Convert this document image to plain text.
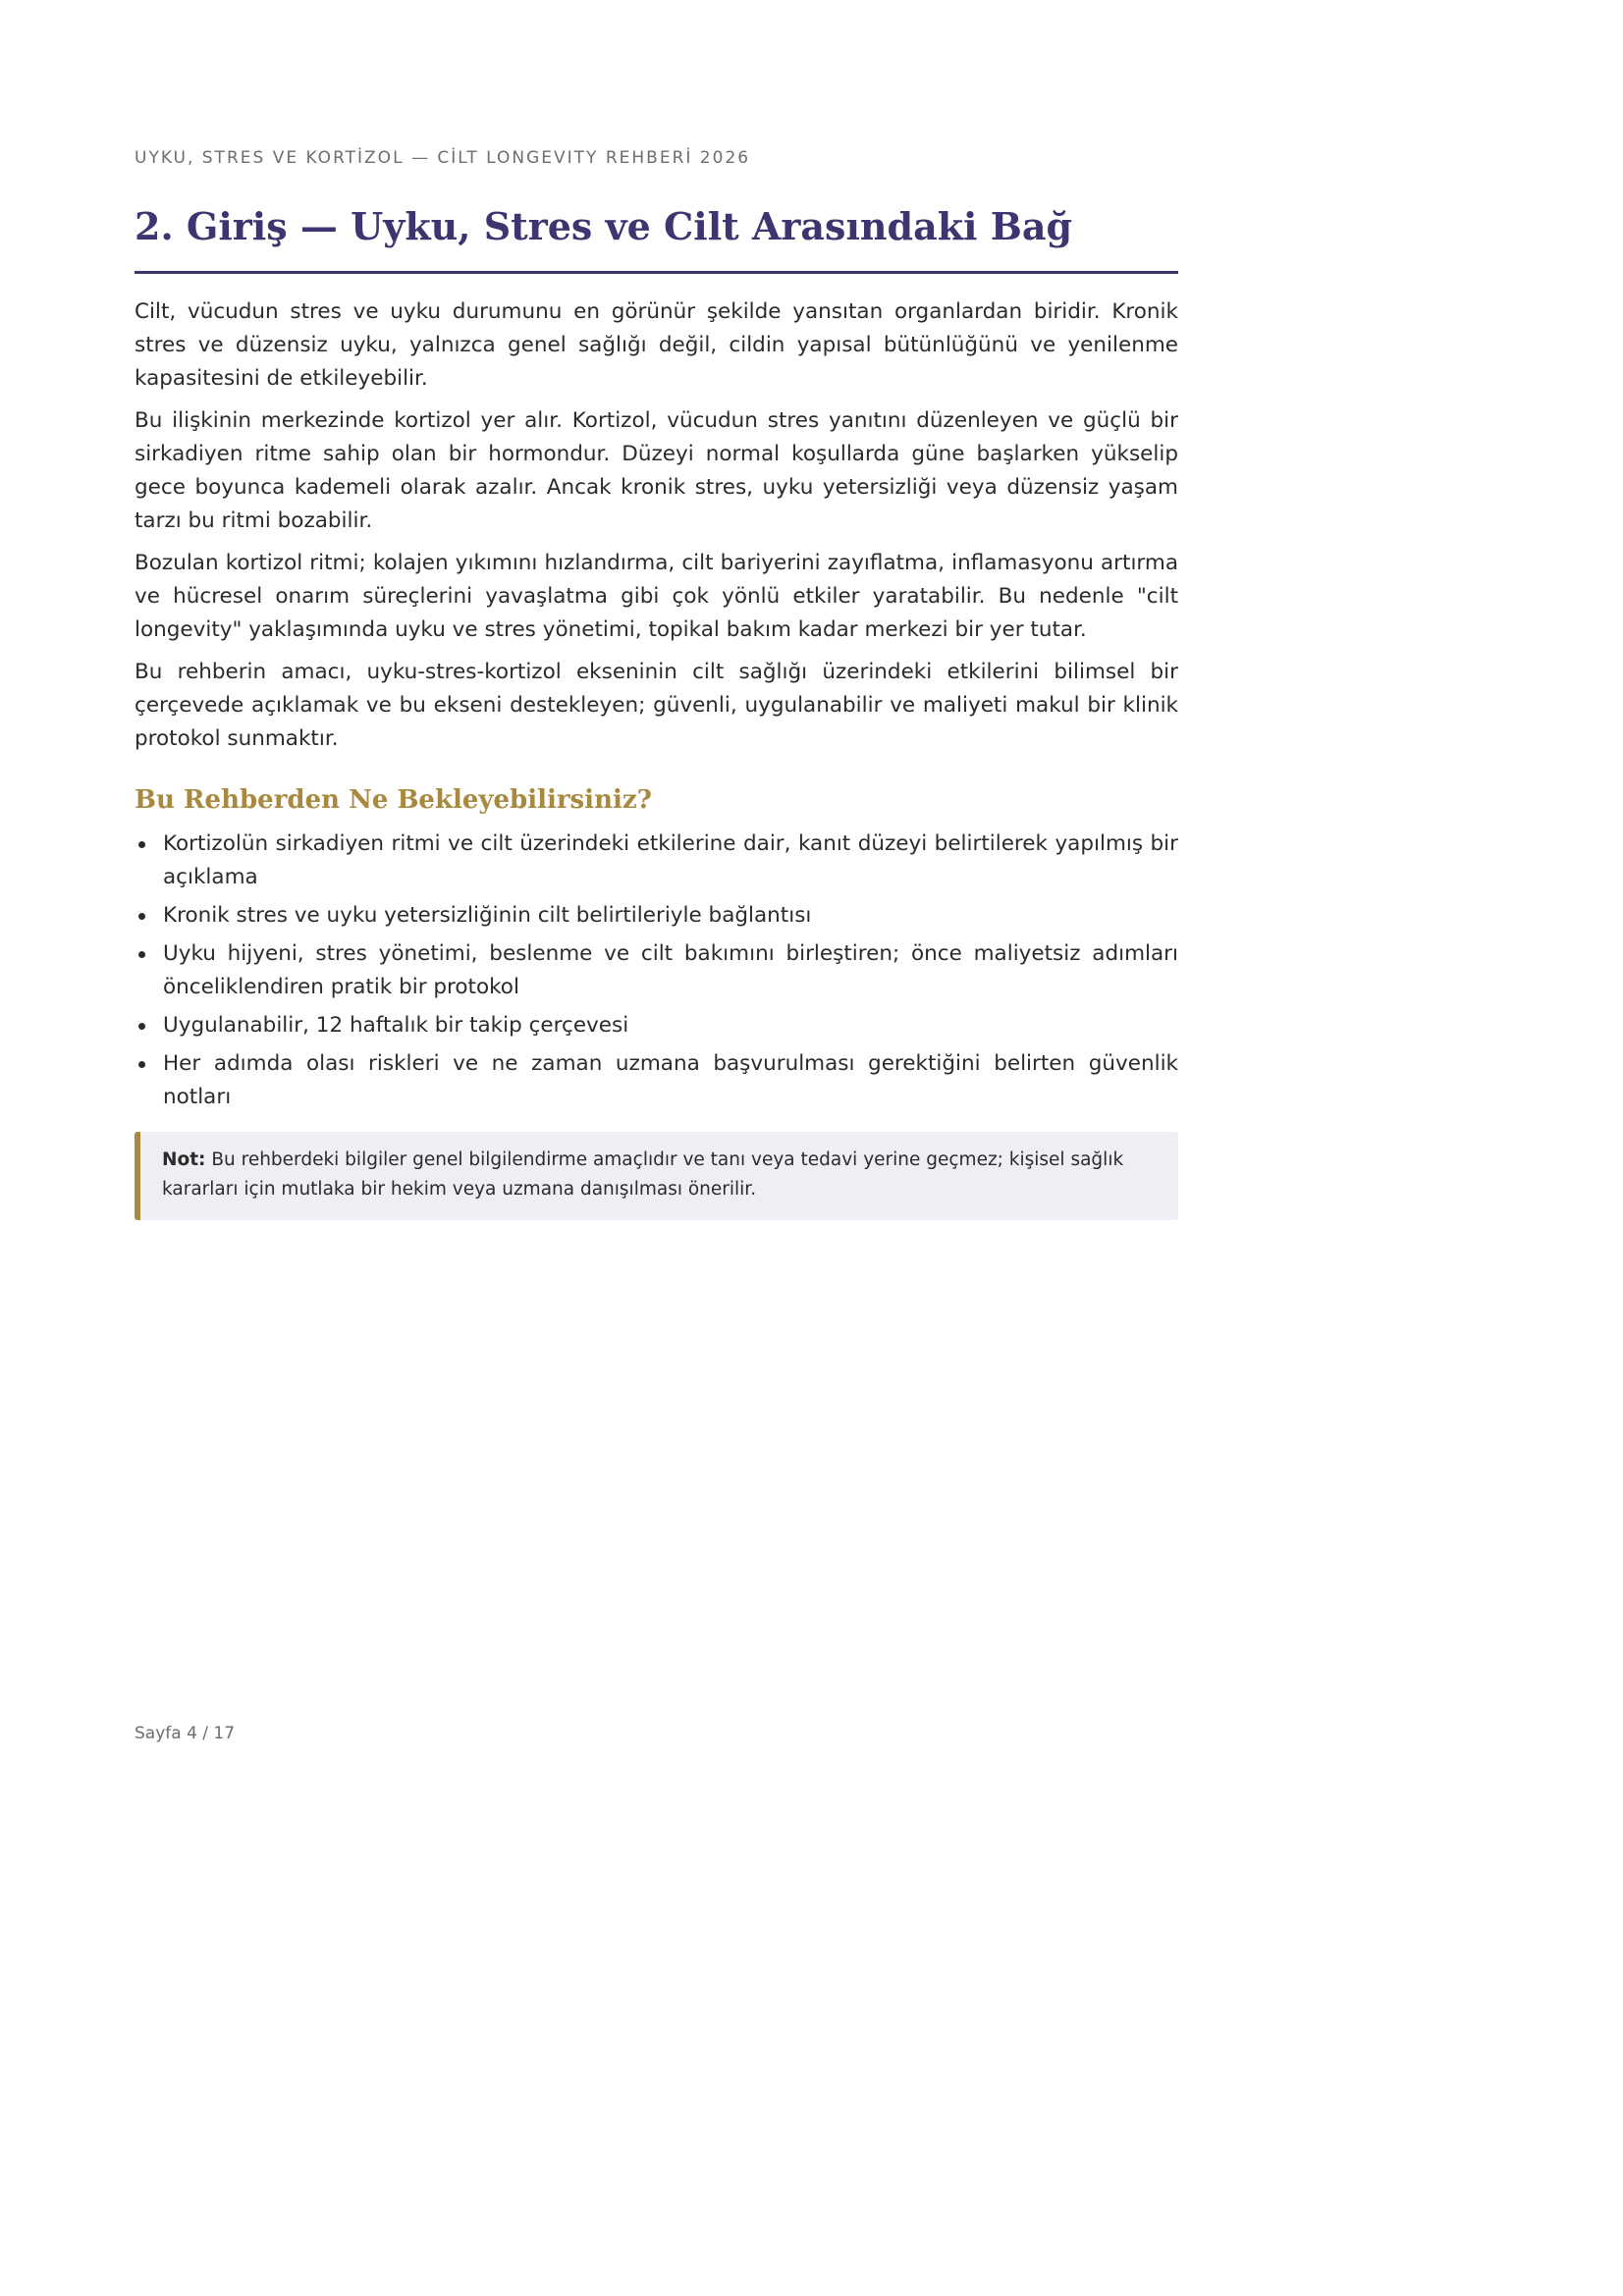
UYKU, STRES VE KORTİZOL — CİLT LONGEVITY REHBERİ 2026
2. Giriş — Uyku, Stres ve Cilt Arasındaki Bağ

Cilt, vücudun stres ve uyku durumunu en görünür şekilde yansıtan organlardan biridir. Kronik stres ve düzensiz uyku, yalnızca genel sağlığı değil, cildin yapısal bütünlüğünü ve yenilenme kapasitesini de etkileyebilir.

Bu ilişkinin merkezinde kortizol yer alır. Kortizol, vücudun stres yanıtını düzenleyen ve güçlü bir sirkadiyen ritme sahip olan bir hormondur. Düzeyi normal koşullarda güne başlarken yükselip gece boyunca kademeli olarak azalır. Ancak kronik stres, uyku yetersizliği veya düzensiz yaşam tarzı bu ritmi bozabilir.

Bozulan kortizol ritmi; kolajen yıkımını hızlandırma, cilt bariyerini zayıflatma, inflamasyonu artırma ve hücresel onarım süreçlerini yavaşlatma gibi çok yönlü etkiler yaratabilir. Bu nedenle "cilt longevity" yaklaşımında uyku ve stres yönetimi, topikal bakım kadar merkezi bir yer tutar.

Bu rehberin amacı, uyku-stres-kortizol ekseninin cilt sağlığı üzerindeki etkilerini bilimsel bir çerçevede açıklamak ve bu ekseni destekleyen; güvenli, uygulanabilir ve maliyeti makul bir klinik protokol sunmaktır.

Bu Rehberden Ne Bekleyebilirsiniz?
Kortizolün sirkadiyen ritmi ve cilt üzerindeki etkilerine dair, kanıt düzeyi belirtilerek yapılmış bir açıklama
Kronik stres ve uyku yetersizliğinin cilt belirtileriyle bağlantısı
Uyku hijyeni, stres yönetimi, beslenme ve cilt bakımını birleştiren; önce maliyetsiz adımları önceliklendiren pratik bir protokol
Uygulanabilir, 12 haftalık bir takip çerçevesi
Her adımda olası riskleri ve ne zaman uzmana başvurulması gerektiğini belirten güvenlik notları
Not: Bu rehberdeki bilgiler genel bilgilendirme amaçlıdır ve tanı veya tedavi yerine geçmez; kişisel sağlık kararları için mutlaka bir hekim veya uzmana danışılması önerilir.
Sayfa 4 / 17
